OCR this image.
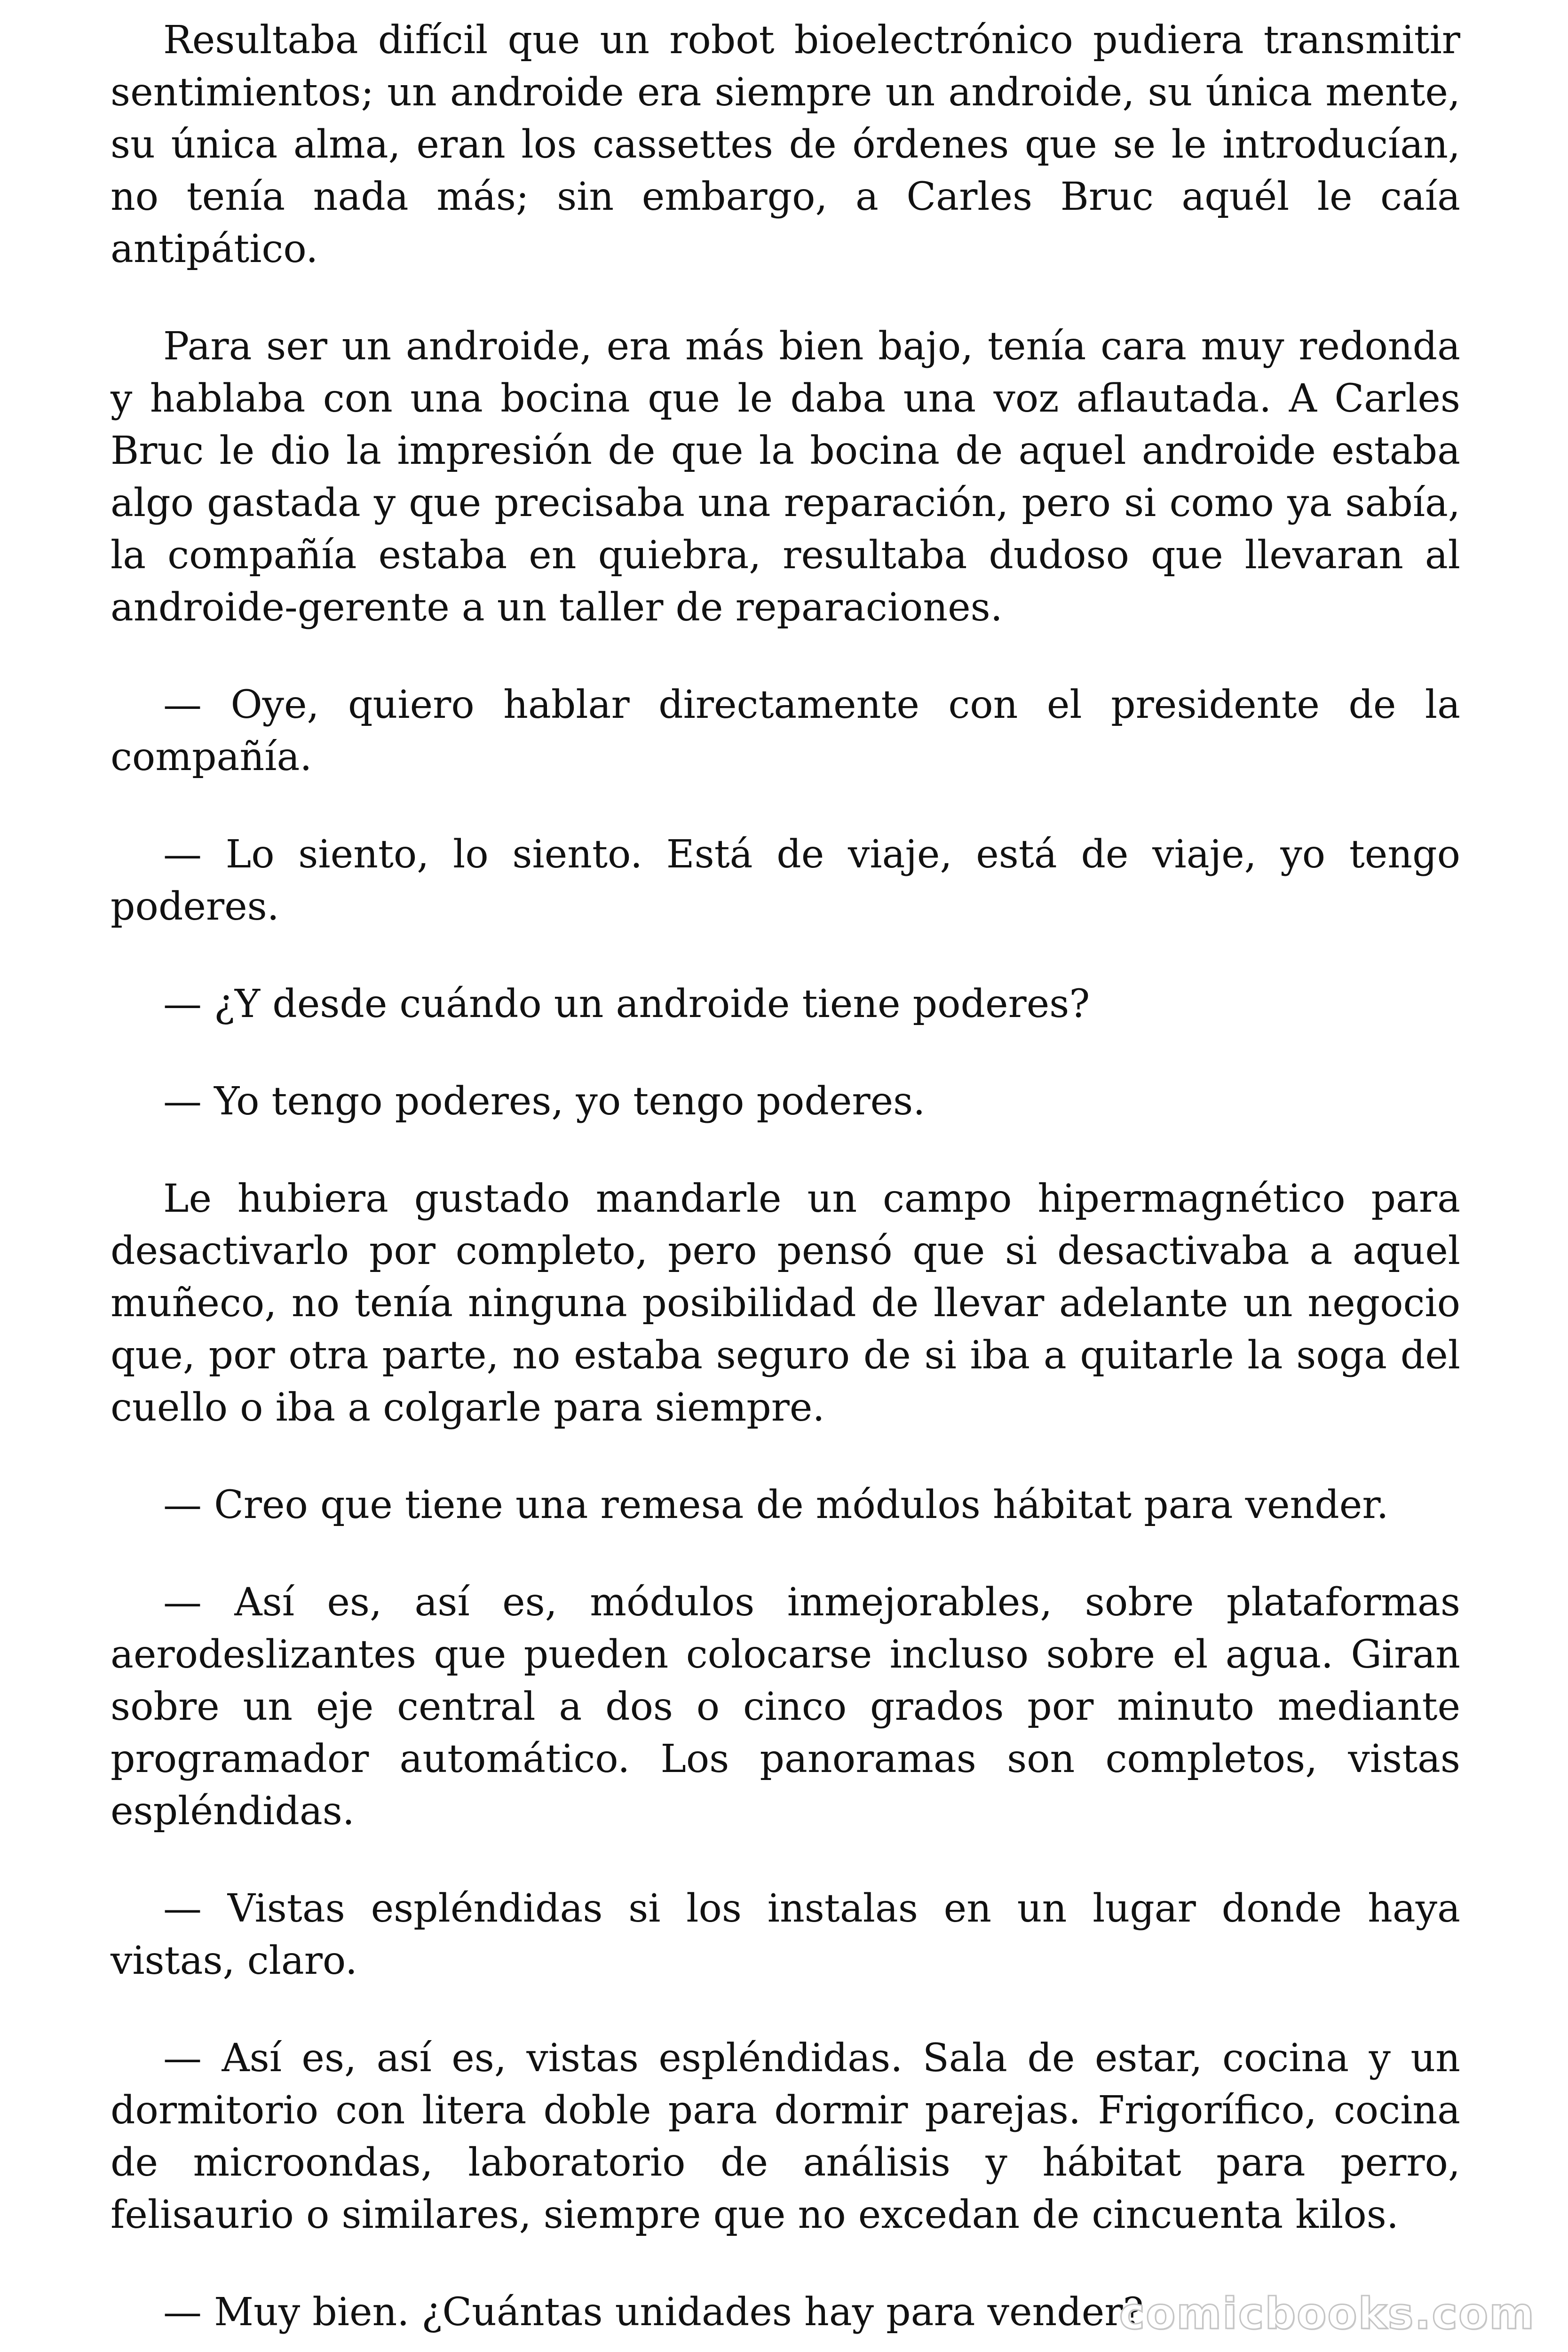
Resultaba difícil que un robot bioelectrónico pudiera transmitir sentimientos; un androide era siempre un androide, su única mente, su única alma, eran los cassettes de órdenes que se le introducían, no tenía nada más; sin embargo, a Carles Bruc aquél le caía antipático.

Para ser un androide, era más bien bajo, tenía cara muy redonda y hablaba con una bocina que le daba una voz aflautada. A Carles Bruc le dio la impresión de que la bocina de aquel androide estaba algo gastada y que precisaba una reparación, pero si como ya sabía, la compañía estaba en quiebra, resultaba dudoso que llevaran al androide-gerente a un taller de reparaciones.

— Oye, quiero hablar directamente con el presidente de la compañía.

— Lo siento, lo siento. Está de viaje, está de viaje, yo tengo poderes.

— ¿Y desde cuándo un androide tiene poderes?

— Yo tengo poderes, yo tengo poderes.

Le hubiera gustado mandarle un campo hipermagnético para desactivarlo por completo, pero pensó que si desactivaba a aquel muñeco, no tenía ninguna posibilidad de llevar adelante un negocio que, por otra parte, no estaba seguro de si iba a quitarle la soga del cuello o iba a colgarle para siempre.

— Creo que tiene una remesa de módulos hábitat para vender.

— Así es, así es, módulos inmejorables, sobre plataformas aerodeslizantes que pueden colocarse incluso sobre el agua. Giran sobre un eje central a dos o cinco grados por minuto mediante programador automático. Los panoramas son completos, vistas espléndidas.

— Vistas espléndidas si los instalas en un lugar donde haya vistas, claro.

— Así es, así es, vistas espléndidas. Sala de estar, cocina y un dormitorio con litera doble para dormir parejas. Frigorífico, cocina de microondas, laboratorio de análisis y hábitat para perro, felisaurio o similares, siempre que no excedan de cincuenta kilos.

— Muy bien. ¿Cuántas unidades hay para vender?

comicbooks.com
